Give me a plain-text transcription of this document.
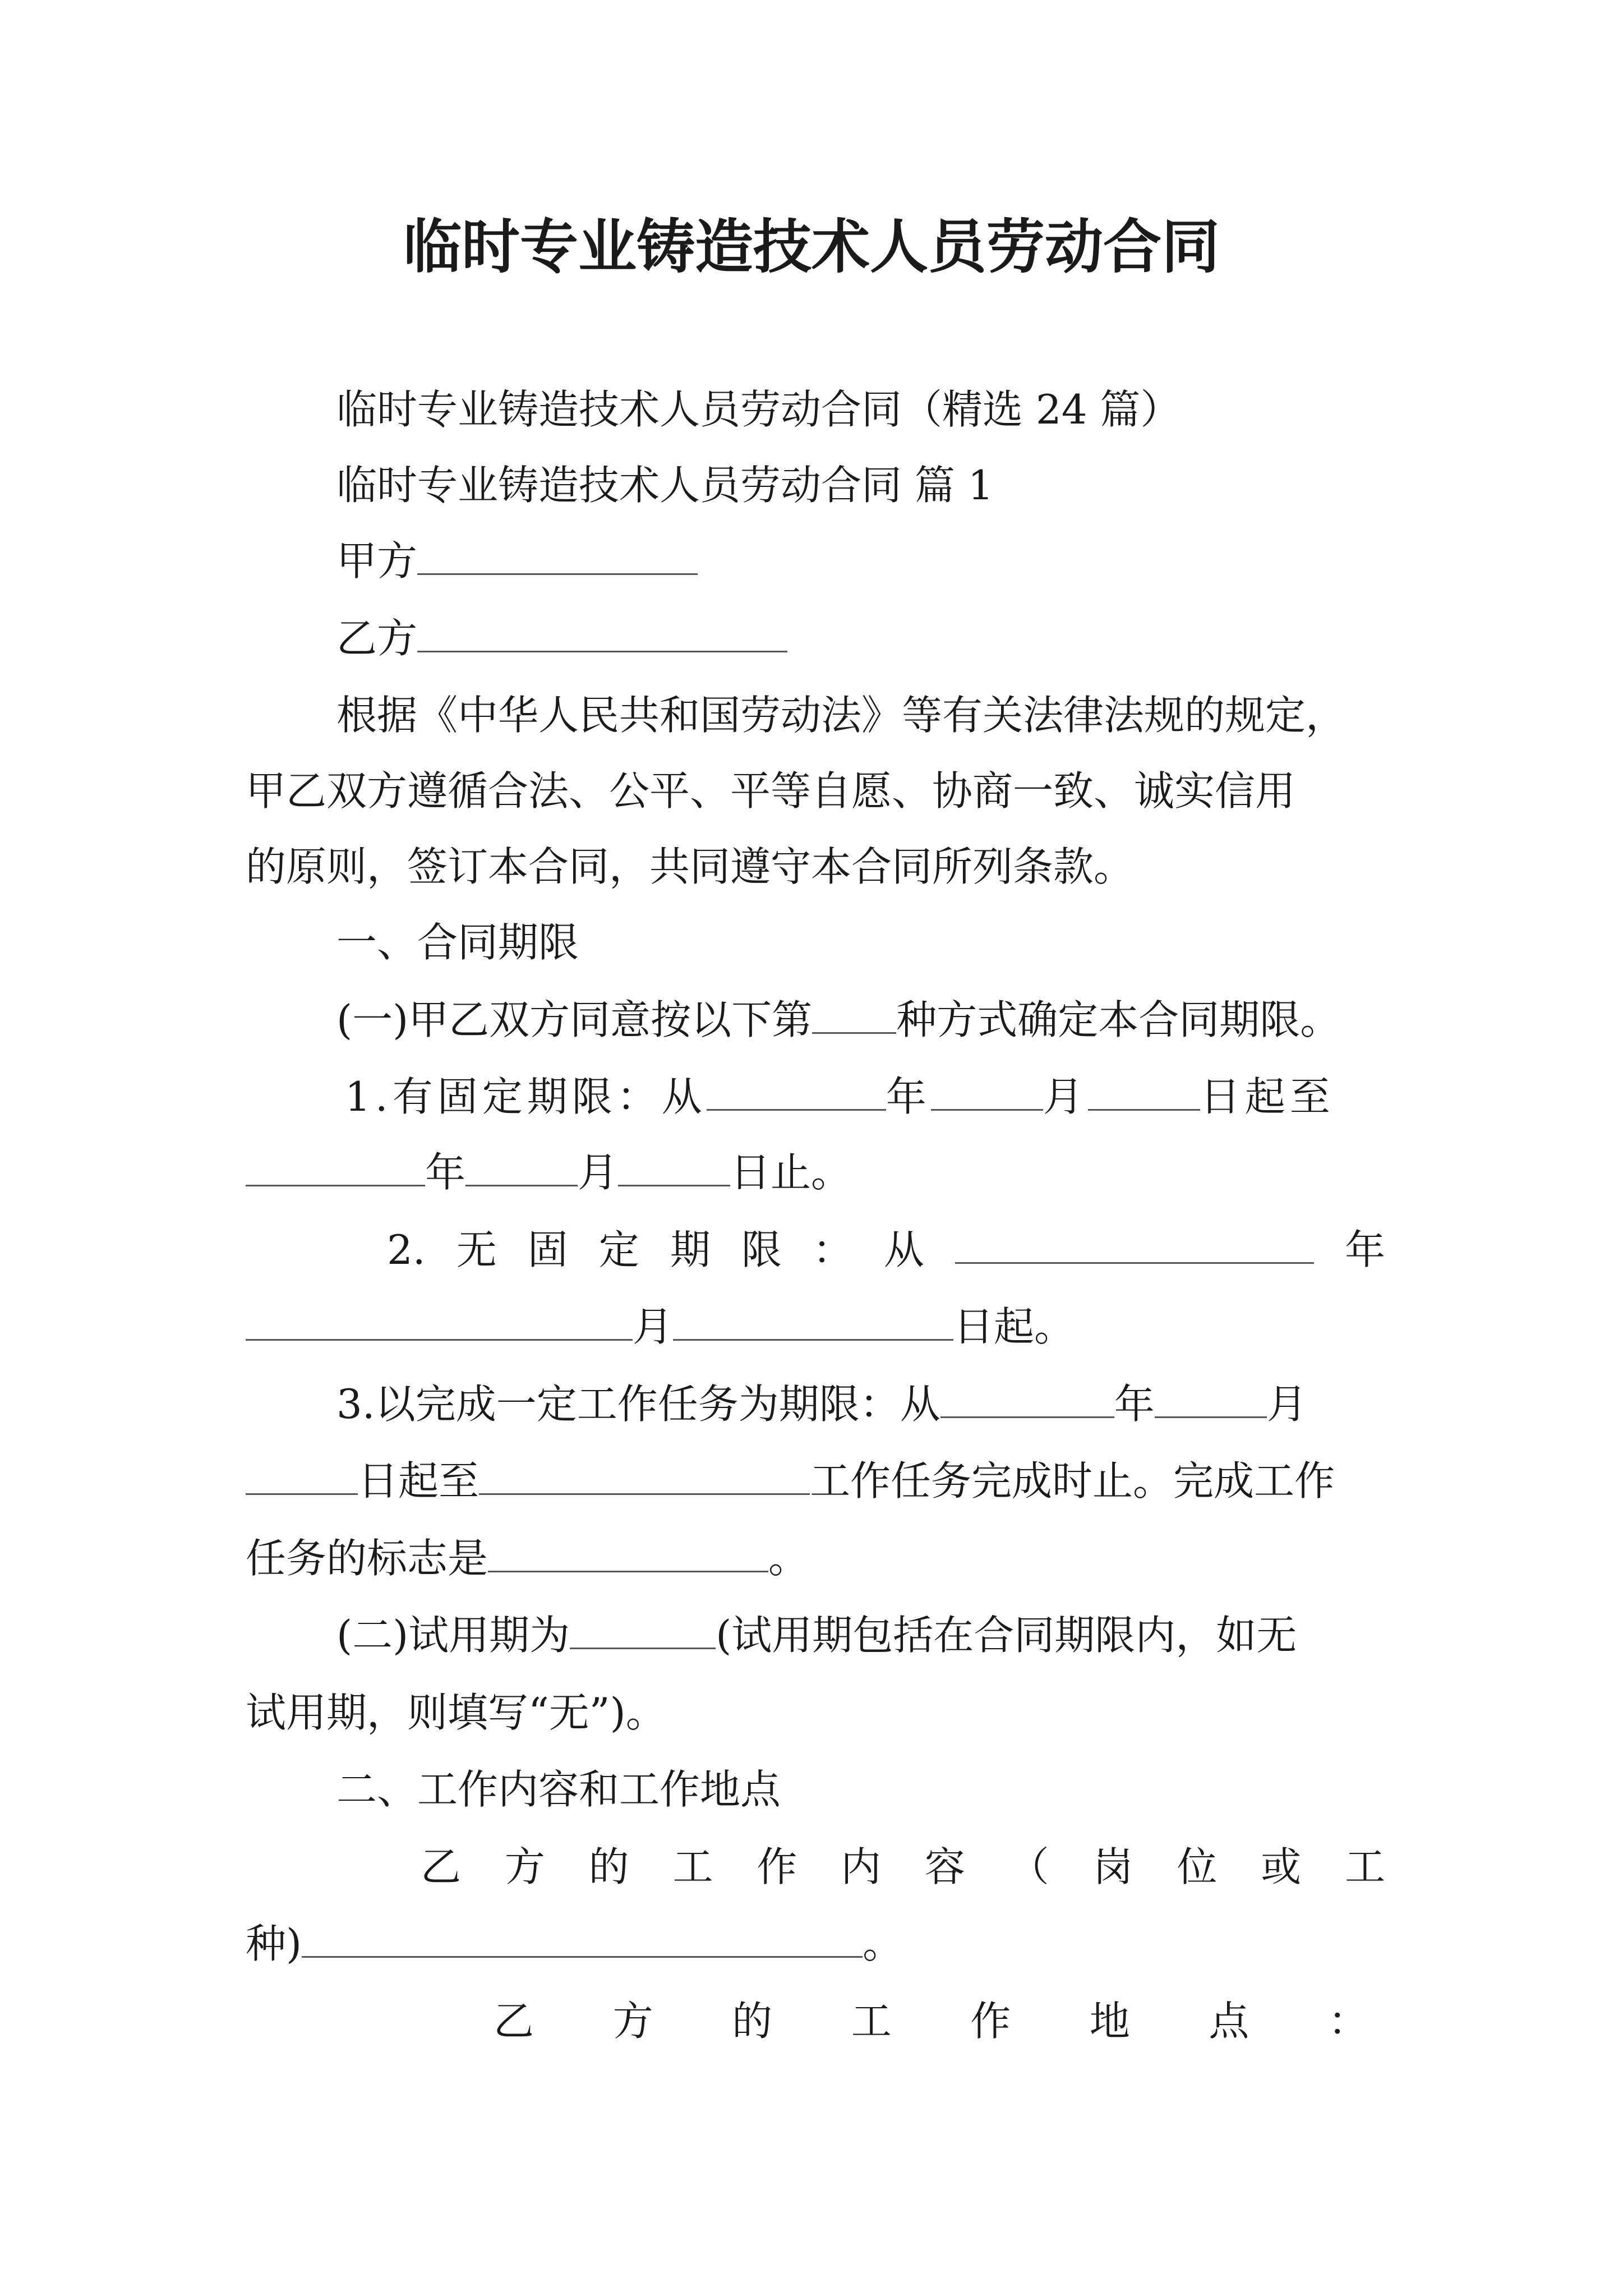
临时专业铸造技术人员劳动合同
临时专业铸造技术人员劳动合同（精选 24 篇）
临时专业铸造技术人员劳动合同 篇 1
甲方
乙方
根据《中华人民共和国劳动法》等有关法律法规的规定，
甲乙双方遵循合法、公平、平等自愿、协商一致、诚实信用
的原则，签订本合同，共同遵守本合同所列条款。
一、合同期限
(一)甲乙双方同意按以下第 种方式确定本合同期限。
1.有固定期限：从	年	月	日起至
年	月	日止。
2. 无 固 定 期 限 ： 从	年
月	日起。
3.以完成一定工作任务为期限：从	年	月
日起至	工作任务完成时止。完成工作
任务的标志是	。
(二)试用期为	(试用期包括在合同期限内，如无
试用期，则填写“无”)。
二、工作内容和工作地点
乙 方 的 工 作 内 容 （ 岗 位 或 工
种)	。
乙 方 的 工 作 地 点 ：
